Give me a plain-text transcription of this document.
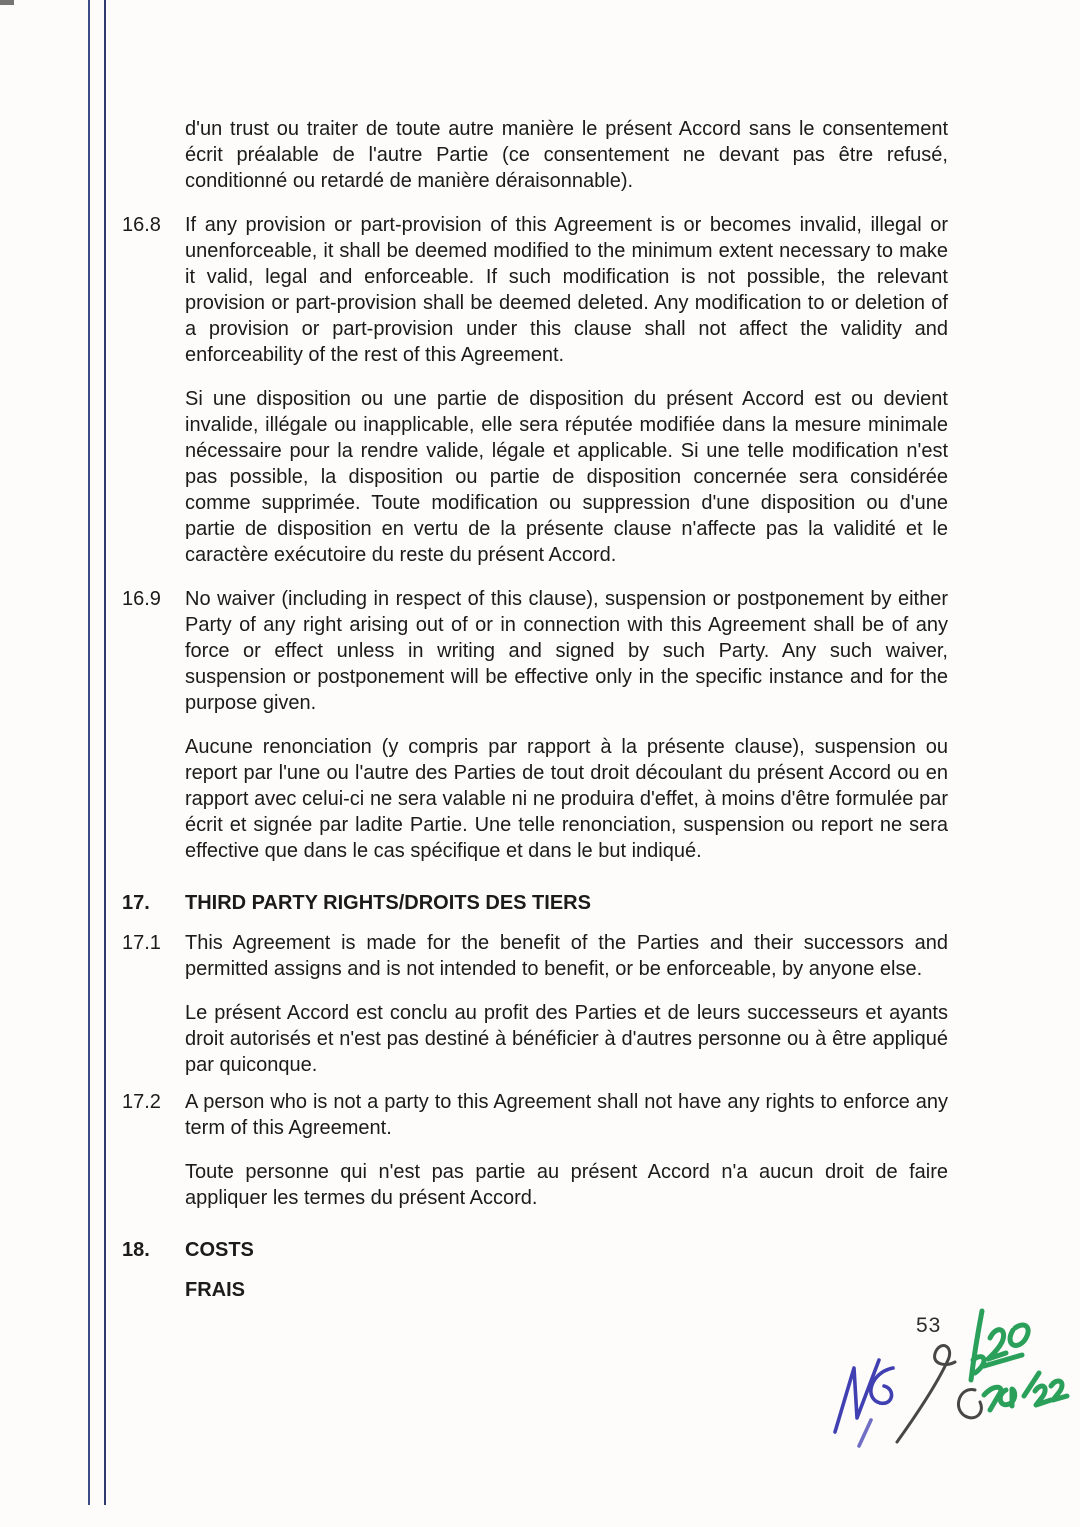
d'un trust ou traiter de toute autre manière le présent Accord sans le consentement écrit préalable de l'autre Partie (ce consentement ne devant pas être refusé, conditionné ou retardé de manière déraisonnable).
16.8	If any provision or part-provision of this Agreement is or becomes invalid, illegal or unenforceable, it shall be deemed modified to the minimum extent necessary to make it valid, legal and enforceable. If such modification is not possible, the relevant provision or part-provision shall be deemed deleted. Any modification to or deletion of a provision or part-provision under this clause shall not affect the validity and enforceability of the rest of this Agreement.
Si une disposition ou une partie de disposition du présent Accord est ou devient invalide, illégale ou inapplicable, elle sera réputée modifiée dans la mesure minimale nécessaire pour la rendre valide, légale et applicable. Si une telle modification n'est pas possible, la disposition ou partie de disposition concernée sera considérée comme supprimée. Toute modification ou suppression d'une disposition ou d'une partie de disposition en vertu de la présente clause n'affecte pas la validité et le caractère exécutoire du reste du présent Accord.
16.9	No waiver (including in respect of this clause), suspension or postponement by either Party of any right arising out of or in connection with this Agreement shall be of any force or effect unless in writing and signed by such Party. Any such waiver, suspension or postponement will be effective only in the specific instance and for the purpose given.
Aucune renonciation (y compris par rapport à la présente clause), suspension ou report par l'une ou l'autre des Parties de tout droit découlant du présent Accord ou en rapport avec celui-ci ne sera valable ni ne produira d'effet, à moins d'être formulée par écrit et signée par ladite Partie. Une telle renonciation, suspension ou report ne sera effective que dans le cas spécifique et dans le but indiqué.
17.	THIRD PARTY RIGHTS/DROITS DES TIERS
17.1	This Agreement is made for the benefit of the Parties and their successors and permitted assigns and is not intended to benefit, or be enforceable, by anyone else.
Le présent Accord est conclu au profit des Parties et de leurs successeurs et ayants droit autorisés et n'est pas destiné à bénéficier à d'autres personne ou à être appliqué par quiconque.
17.2	A person who is not a party to this Agreement shall not have any rights to enforce any term of this Agreement.
Toute personne qui n'est pas partie au présent Accord n'a aucun droit de faire appliquer les termes du présent Accord.
18.	COSTS
FRAIS
53
